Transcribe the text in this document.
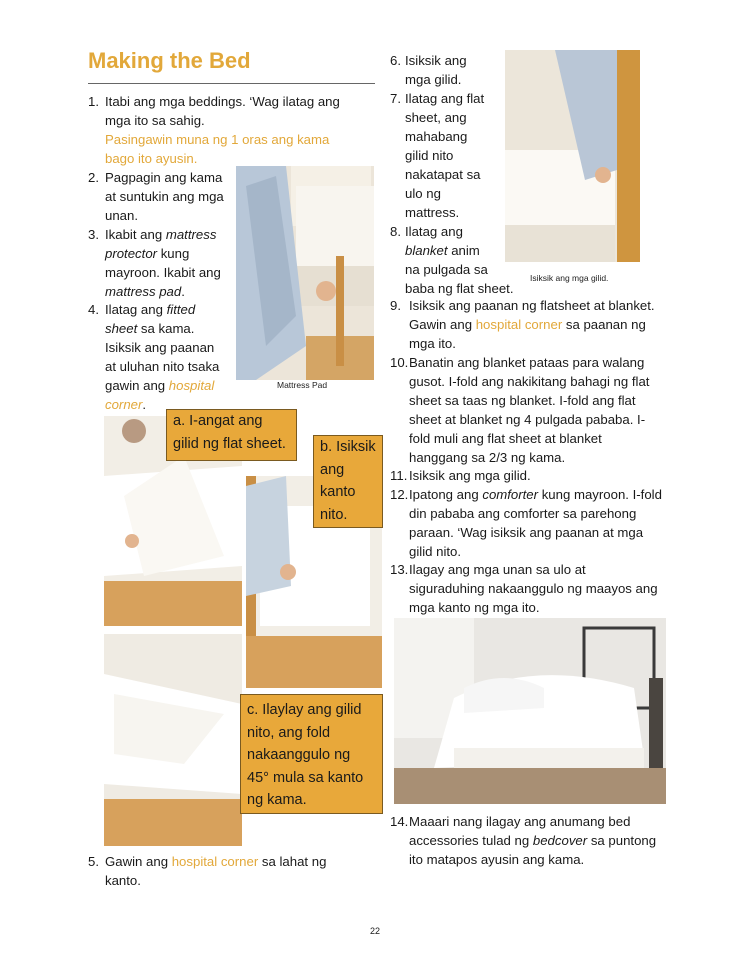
Making the Bed
1. Itabi ang mga beddings. ‘Wag ilatag ang
mga ito sa sahig.
Pasingawin muna ng 1 oras ang kama
bago ito ayusin.
2. Pagpagin ang kama
at suntukin ang mga
unan.
3. Ikabit ang mattress
protector kung
mayroon. Ikabit ang
mattress pad.
4. Ilatag ang fitted
sheet sa kama.
Isiksik ang paanan
at uluhan nito tsaka
gawin ang hospital
corner.
Mattress Pad
a. I-angat ang
gilid ng flat sheet. b. Isiksik
ang
kanto
nito.
c. Ilaylay ang gilid
nito, ang fold
nakaanggulo ng
45° mula sa kanto
ng kama.
5. Gawin ang hospital corner sa lahat ng
kanto.
6. Isiksik ang
mga gilid.
7. Ilatag ang flat
sheet, ang
mahabang
gilid nito
nakatapat sa
ulo ng
mattress.
8. Ilatag ang
blanket anim
na pulgada sa
baba ng flat sheet.
Isiksik ang mga gilid.
9. Isiksik ang paanan ng flatsheet at blanket.
Gawin ang hospital corner sa paanan ng
mga ito.
10. Banatin ang blanket pataas para walang
gusot. I-fold ang nakikitang bahagi ng flat
sheet sa taas ng blanket. I-fold ang flat
sheet at blanket ng 4 pulgada pababa. I-
fold muli ang flat sheet at blanket
hanggang sa 2/3 ng kama.
11. Isiksik ang mga gilid.
12. Ipatong ang comforter kung mayroon. I-fold
din pababa ang comforter sa parehong
paraan. ‘Wag isiksik ang paanan at mga
gilid nito.
13. Ilagay ang mga unan sa ulo at
siguraduhing nakaanggulo ng maayos ang
mga kanto ng mga ito.
14. Maaari nang ilagay ang anumang bed
accessories tulad ng bedcover sa puntong
ito matapos ayusin ang kama.
22
